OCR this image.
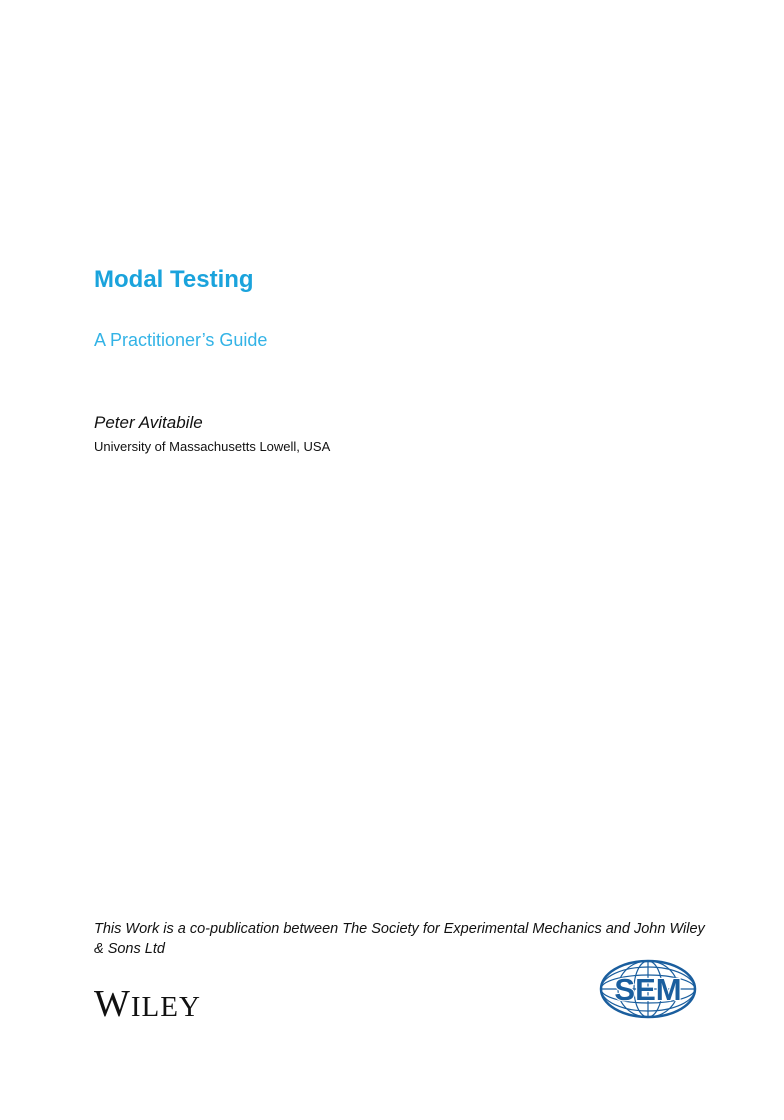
Modal Testing

A Practitioner’s Guide

Peter Avitabile

University of Massachusetts Lowell, USA

This Work is a co-publication between The Society for Experimental Mechanics and John Wiley & Sons Ltd

WILEY	SEM
